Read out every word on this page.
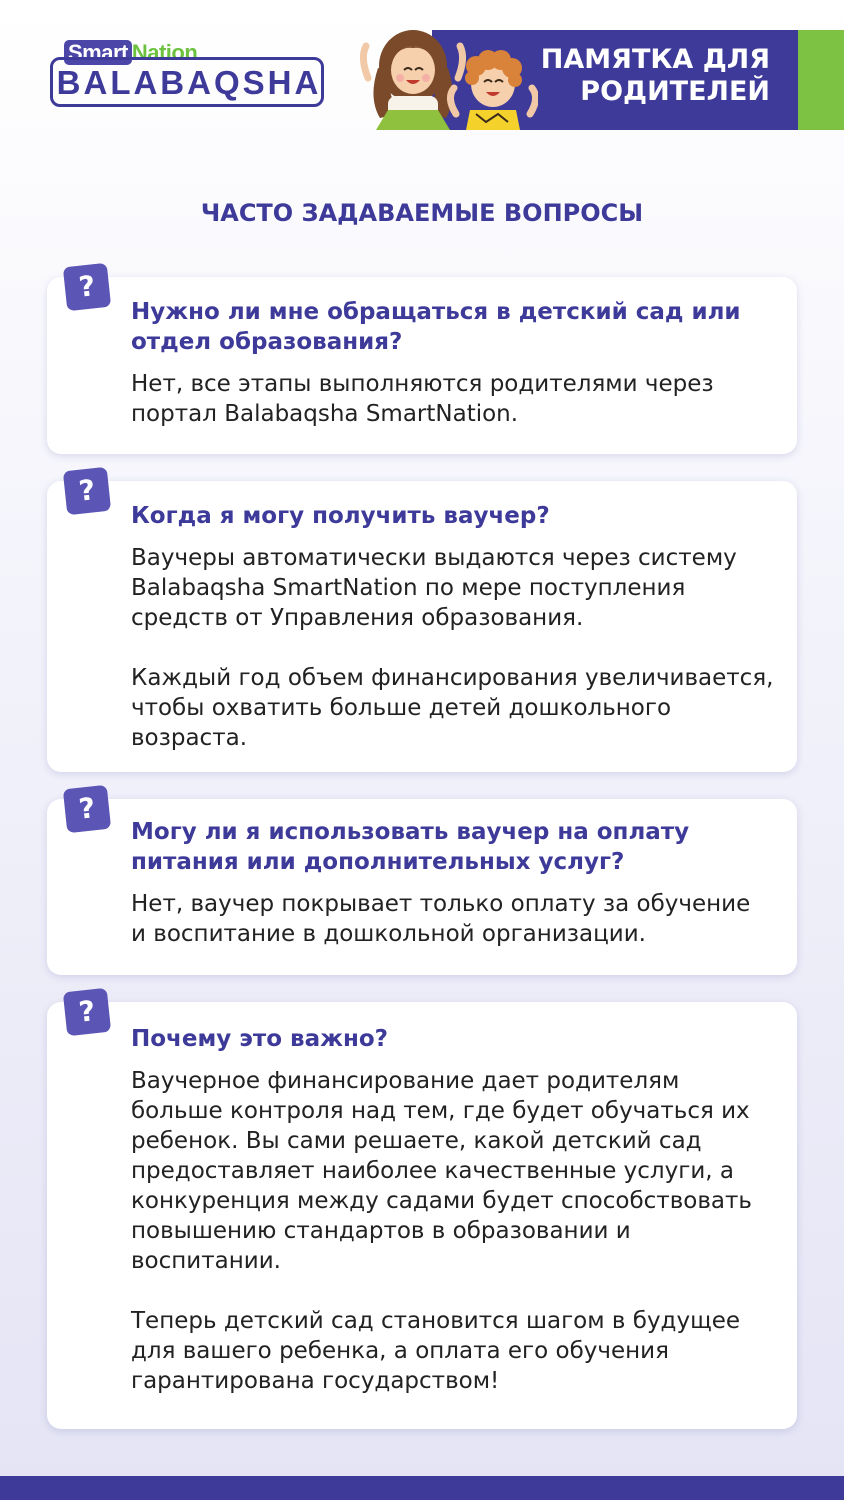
Smart Nation
BALABAQSHA
ПАМЯТКА ДЛЯ
РОДИТЕЛЕЙ
ЧАСТО ЗАДАВАЕМЫЕ ВОПРОСЫ
?

Нужно ли мне обращаться в детский сад или
отдел образования?

Нет, все этапы выполняются родителями через
портал Balabaqsha SmartNation.

?

Когда я могу получить ваучер?

Ваучеры автоматически выдаются через систему
Balabaqsha SmartNation по мере поступления
средств от Управления образования.

Каждый год объем финансирования увеличивается,
чтобы охватить больше детей дошкольного
возраста.

?

Могу ли я использовать ваучер на оплату
питания или дополнительных услуг?

Нет, ваучер покрывает только оплату за обучение
и воспитание в дошкольной организации.

?

Почему это важно?

Ваучерное финансирование дает родителям
больше контроля над тем, где будет обучаться их
ребенок. Вы сами решаете, какой детский сад
предоставляет наиболее качественные услуги, а
конкуренция между садами будет способствовать
повышению стандартов в образовании и
воспитании.

Теперь детский сад становится шагом в будущее
для вашего ребенка, а оплата его обучения
гарантирована государством!
